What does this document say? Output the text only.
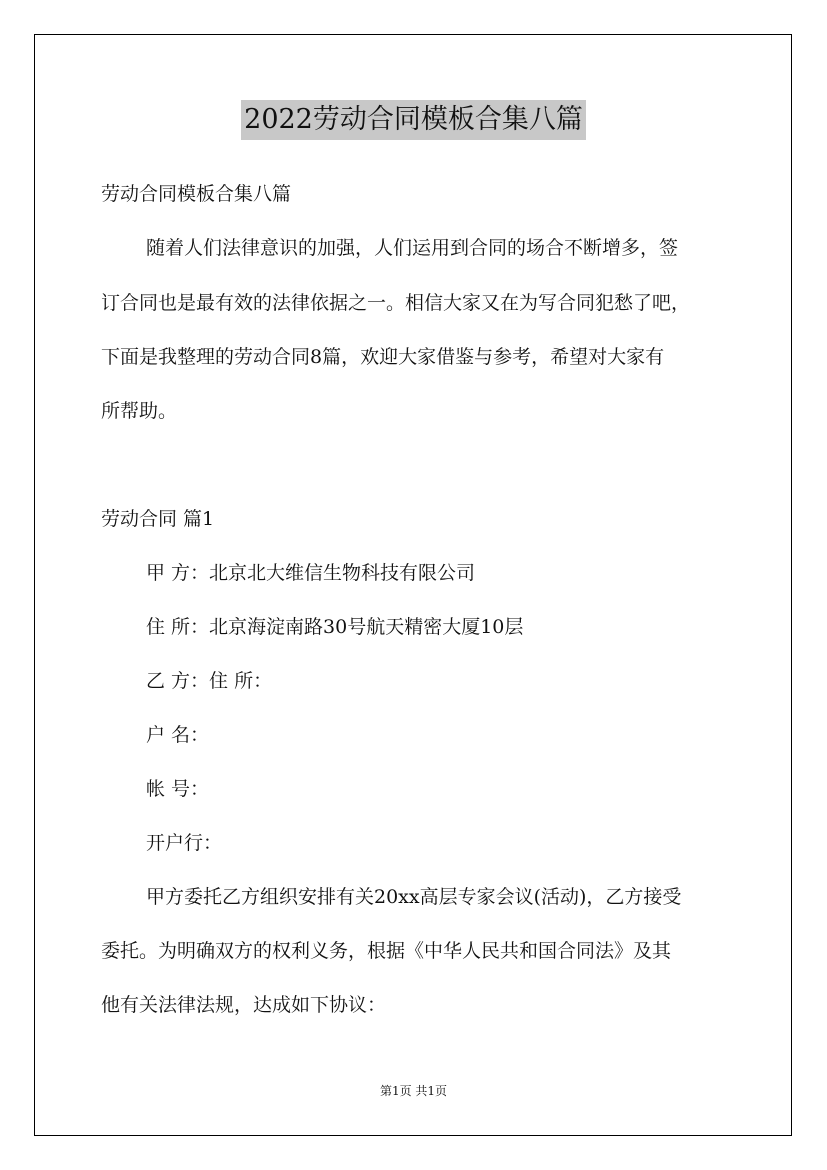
2022劳动合同模板合集八篇
劳动合同模板合集八篇
随着人们法律意识的加强，人们运用到合同的场合不断增多，签
订合同也是最有效的法律依据之一。相信大家又在为写合同犯愁了吧，
下面是我整理的劳动合同8篇，欢迎大家借鉴与参考，希望对大家有
所帮助。
劳动合同 篇1
甲 方：北京北大维信生物科技有限公司
住 所：北京海淀南路30号航天精密大厦10层
乙 方：住 所：
户 名：
帐 号：
开户行：
甲方委托乙方组织安排有关20xx高层专家会议(活动)，乙方接受
委托。为明确双方的权利义务，根据《中华人民共和国合同法》及其
他有关法律法规，达成如下协议：
第1页 共1页
